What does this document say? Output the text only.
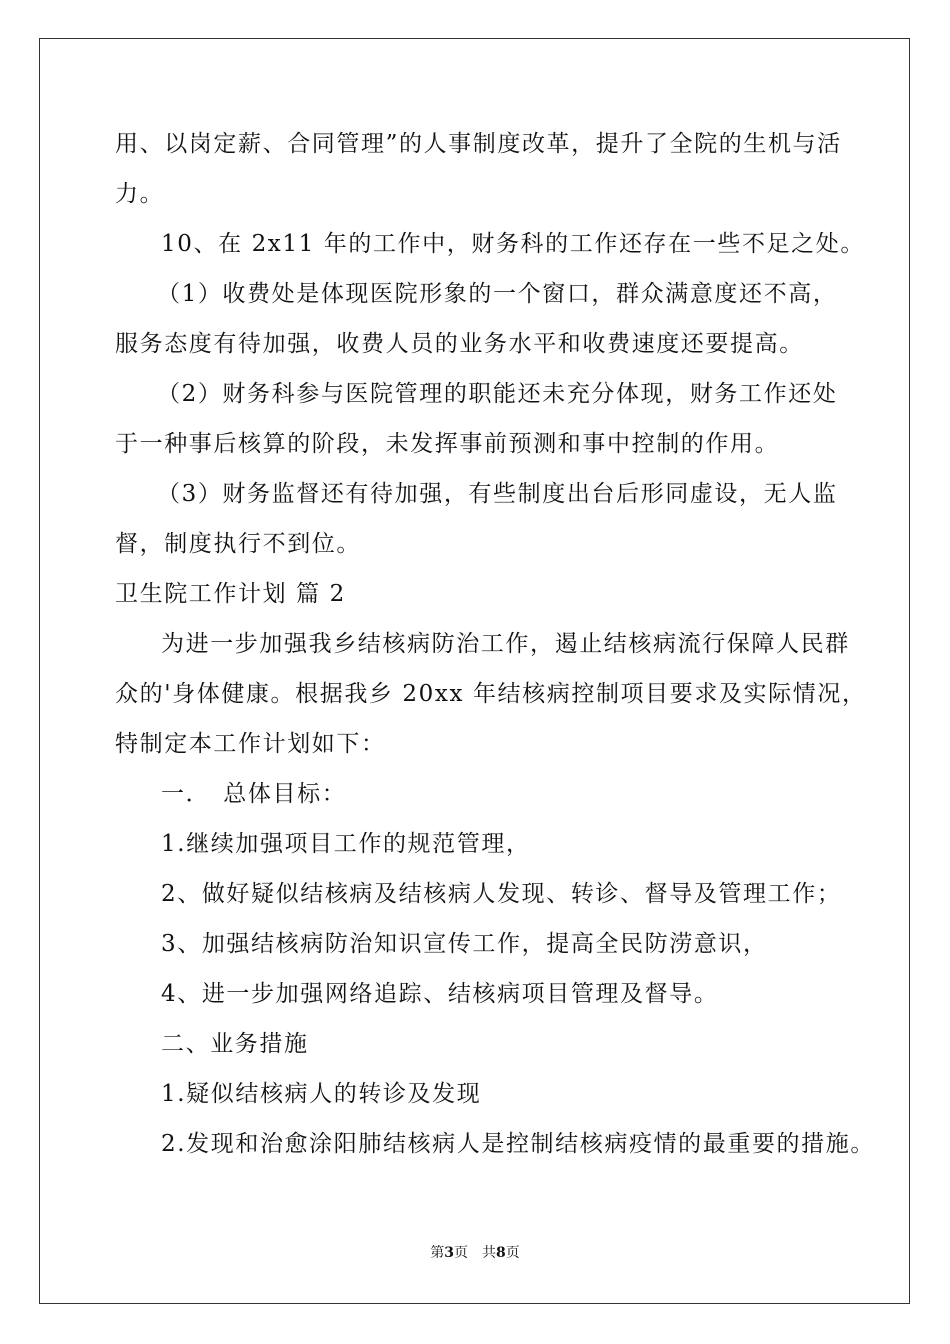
用、以岗定薪、合同管理”的人事制度改革，提升了全院的生机与活
力。
10、在 2x11 年的工作中，财务科的工作还存在一些不足之处。
（1）收费处是体现医院形象的一个窗口，群众满意度还不高，
服务态度有待加强，收费人员的业务水平和收费速度还要提高。
（2）财务科参与医院管理的职能还未充分体现，财务工作还处
于一种事后核算的阶段，未发挥事前预测和事中控制的作用。
（3）财务监督还有待加强，有些制度出台后形同虚设，无人监
督，制度执行不到位。
卫生院工作计划 篇 2
为进一步加强我乡结核病防治工作，遏止结核病流行保障人民群
众的'身体健康。根据我乡 20xx 年结核病控制项目要求及实际情况，
特制定本工作计划如下：
一．　总体目标：
1.继续加强项目工作的规范管理，
2、做好疑似结核病及结核病人发现、转诊、督导及管理工作；
3、加强结核病防治知识宣传工作，提高全民防涝意识，
4、进一步加强网络追踪、结核病项目管理及督导。
二、业务措施
1.疑似结核病人的转诊及发现
2.发现和治愈涂阳肺结核病人是控制结核病疫情的最重要的措施。
第3页　共8页
